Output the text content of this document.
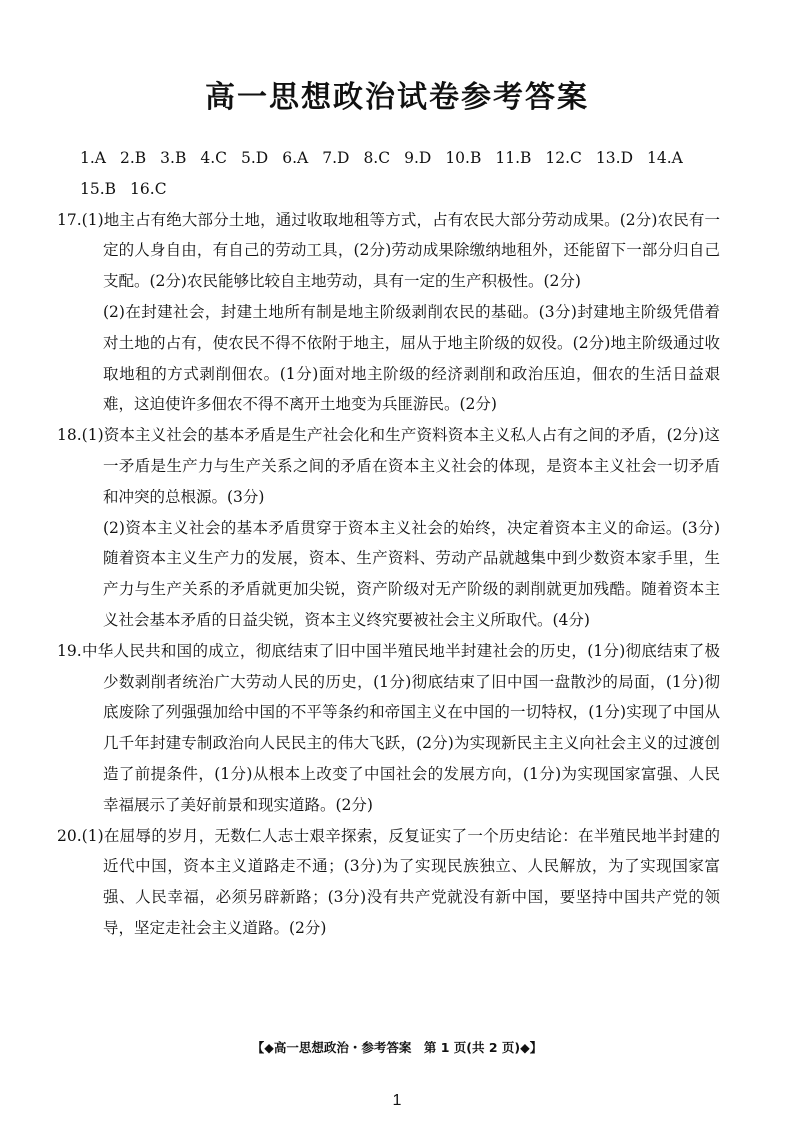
高一思想政治试卷参考答案

1.A 2.B 3.B 4.C 5.D 6.A 7.D 8.C 9.D 10.B 11.B 12.C 13.D 14.A15.B 16.C

17.(1)地主占有绝大部分土地，通过收取地租等方式，占有农民大部分劳动成果。(2分)农民有一定的人身自由，有自己的劳动工具，(2分)劳动成果除缴纳地租外，还能留下一部分归自己支配。(2分)农民能够比较自主地劳动，具有一定的生产积极性。(2分)

(2)在封建社会，封建土地所有制是地主阶级剥削农民的基础。(3分)封建地主阶级凭借着对土地的占有，使农民不得不依附于地主，屈从于地主阶级的奴役。(2分)地主阶级通过收取地租的方式剥削佃农。(1分)面对地主阶级的经济剥削和政治压迫，佃农的生活日益艰难，这迫使许多佃农不得不离开土地变为兵匪游民。(2分)

18.(1)资本主义社会的基本矛盾是生产社会化和生产资料资本主义私人占有之间的矛盾，(2分)这一矛盾是生产力与生产关系之间的矛盾在资本主义社会的体现，是资本主义社会一切矛盾和冲突的总根源。(3分)

(2)资本主义社会的基本矛盾贯穿于资本主义社会的始终，决定着资本主义的命运。(3分)随着资本主义生产力的发展，资本、生产资料、劳动产品就越集中到少数资本家手里，生产力与生产关系的矛盾就更加尖锐，资产阶级对无产阶级的剥削就更加残酷。随着资本主义社会基本矛盾的日益尖锐，资本主义终究要被社会主义所取代。(4分)

19.中华人民共和国的成立，彻底结束了旧中国半殖民地半封建社会的历史，(1分)彻底结束了极少数剥削者统治广大劳动人民的历史，(1分)彻底结束了旧中国一盘散沙的局面，(1分)彻底废除了列强强加给中国的不平等条约和帝国主义在中国的一切特权，(1分)实现了中国从几千年封建专制政治向人民民主的伟大飞跃，(2分)为实现新民主主义向社会主义的过渡创造了前提条件，(1分)从根本上改变了中国社会的发展方向，(1分)为实现国家富强、人民幸福展示了美好前景和现实道路。(2分)

20.(1)在屈辱的岁月，无数仁人志士艰辛探索，反复证实了一个历史结论：在半殖民地半封建的近代中国，资本主义道路走不通；(3分)为了实现民族独立、人民解放，为了实现国家富强、人民幸福，必须另辟新路；(3分)没有共产党就没有新中国，要坚持中国共产党的领导，坚定走社会主义道路。(2分)

【◆高一思想政治・参考答案　第 1 页(共 2 页)◆】
1
